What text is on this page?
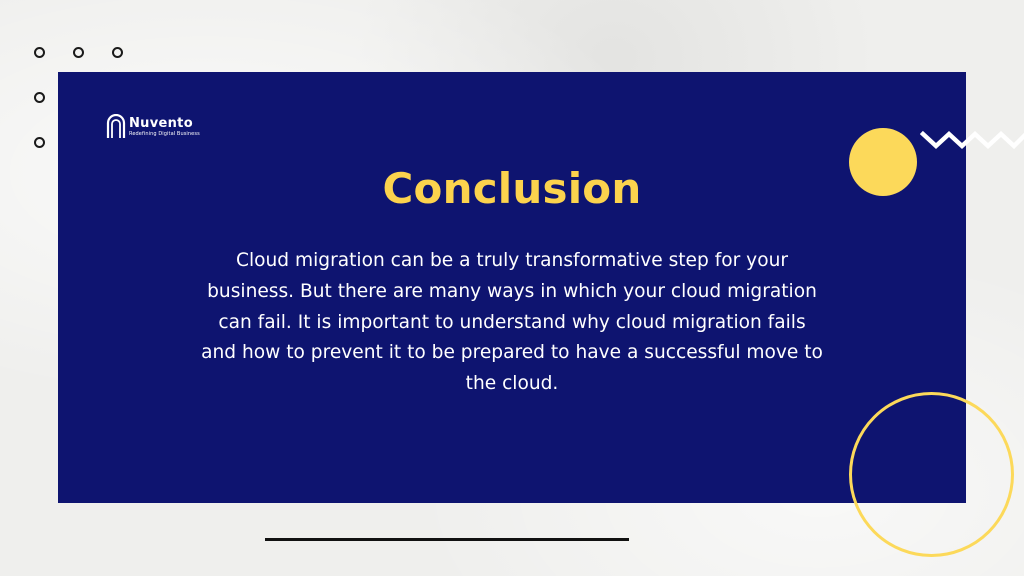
Nuvento
Redefining Digital Business
Conclusion

Cloud migration can be a truly transformative step for your business. But there are many ways in which your cloud migration can fail. It is important to understand why cloud migration fails and how to prevent it to be prepared to have a successful move to the cloud.
